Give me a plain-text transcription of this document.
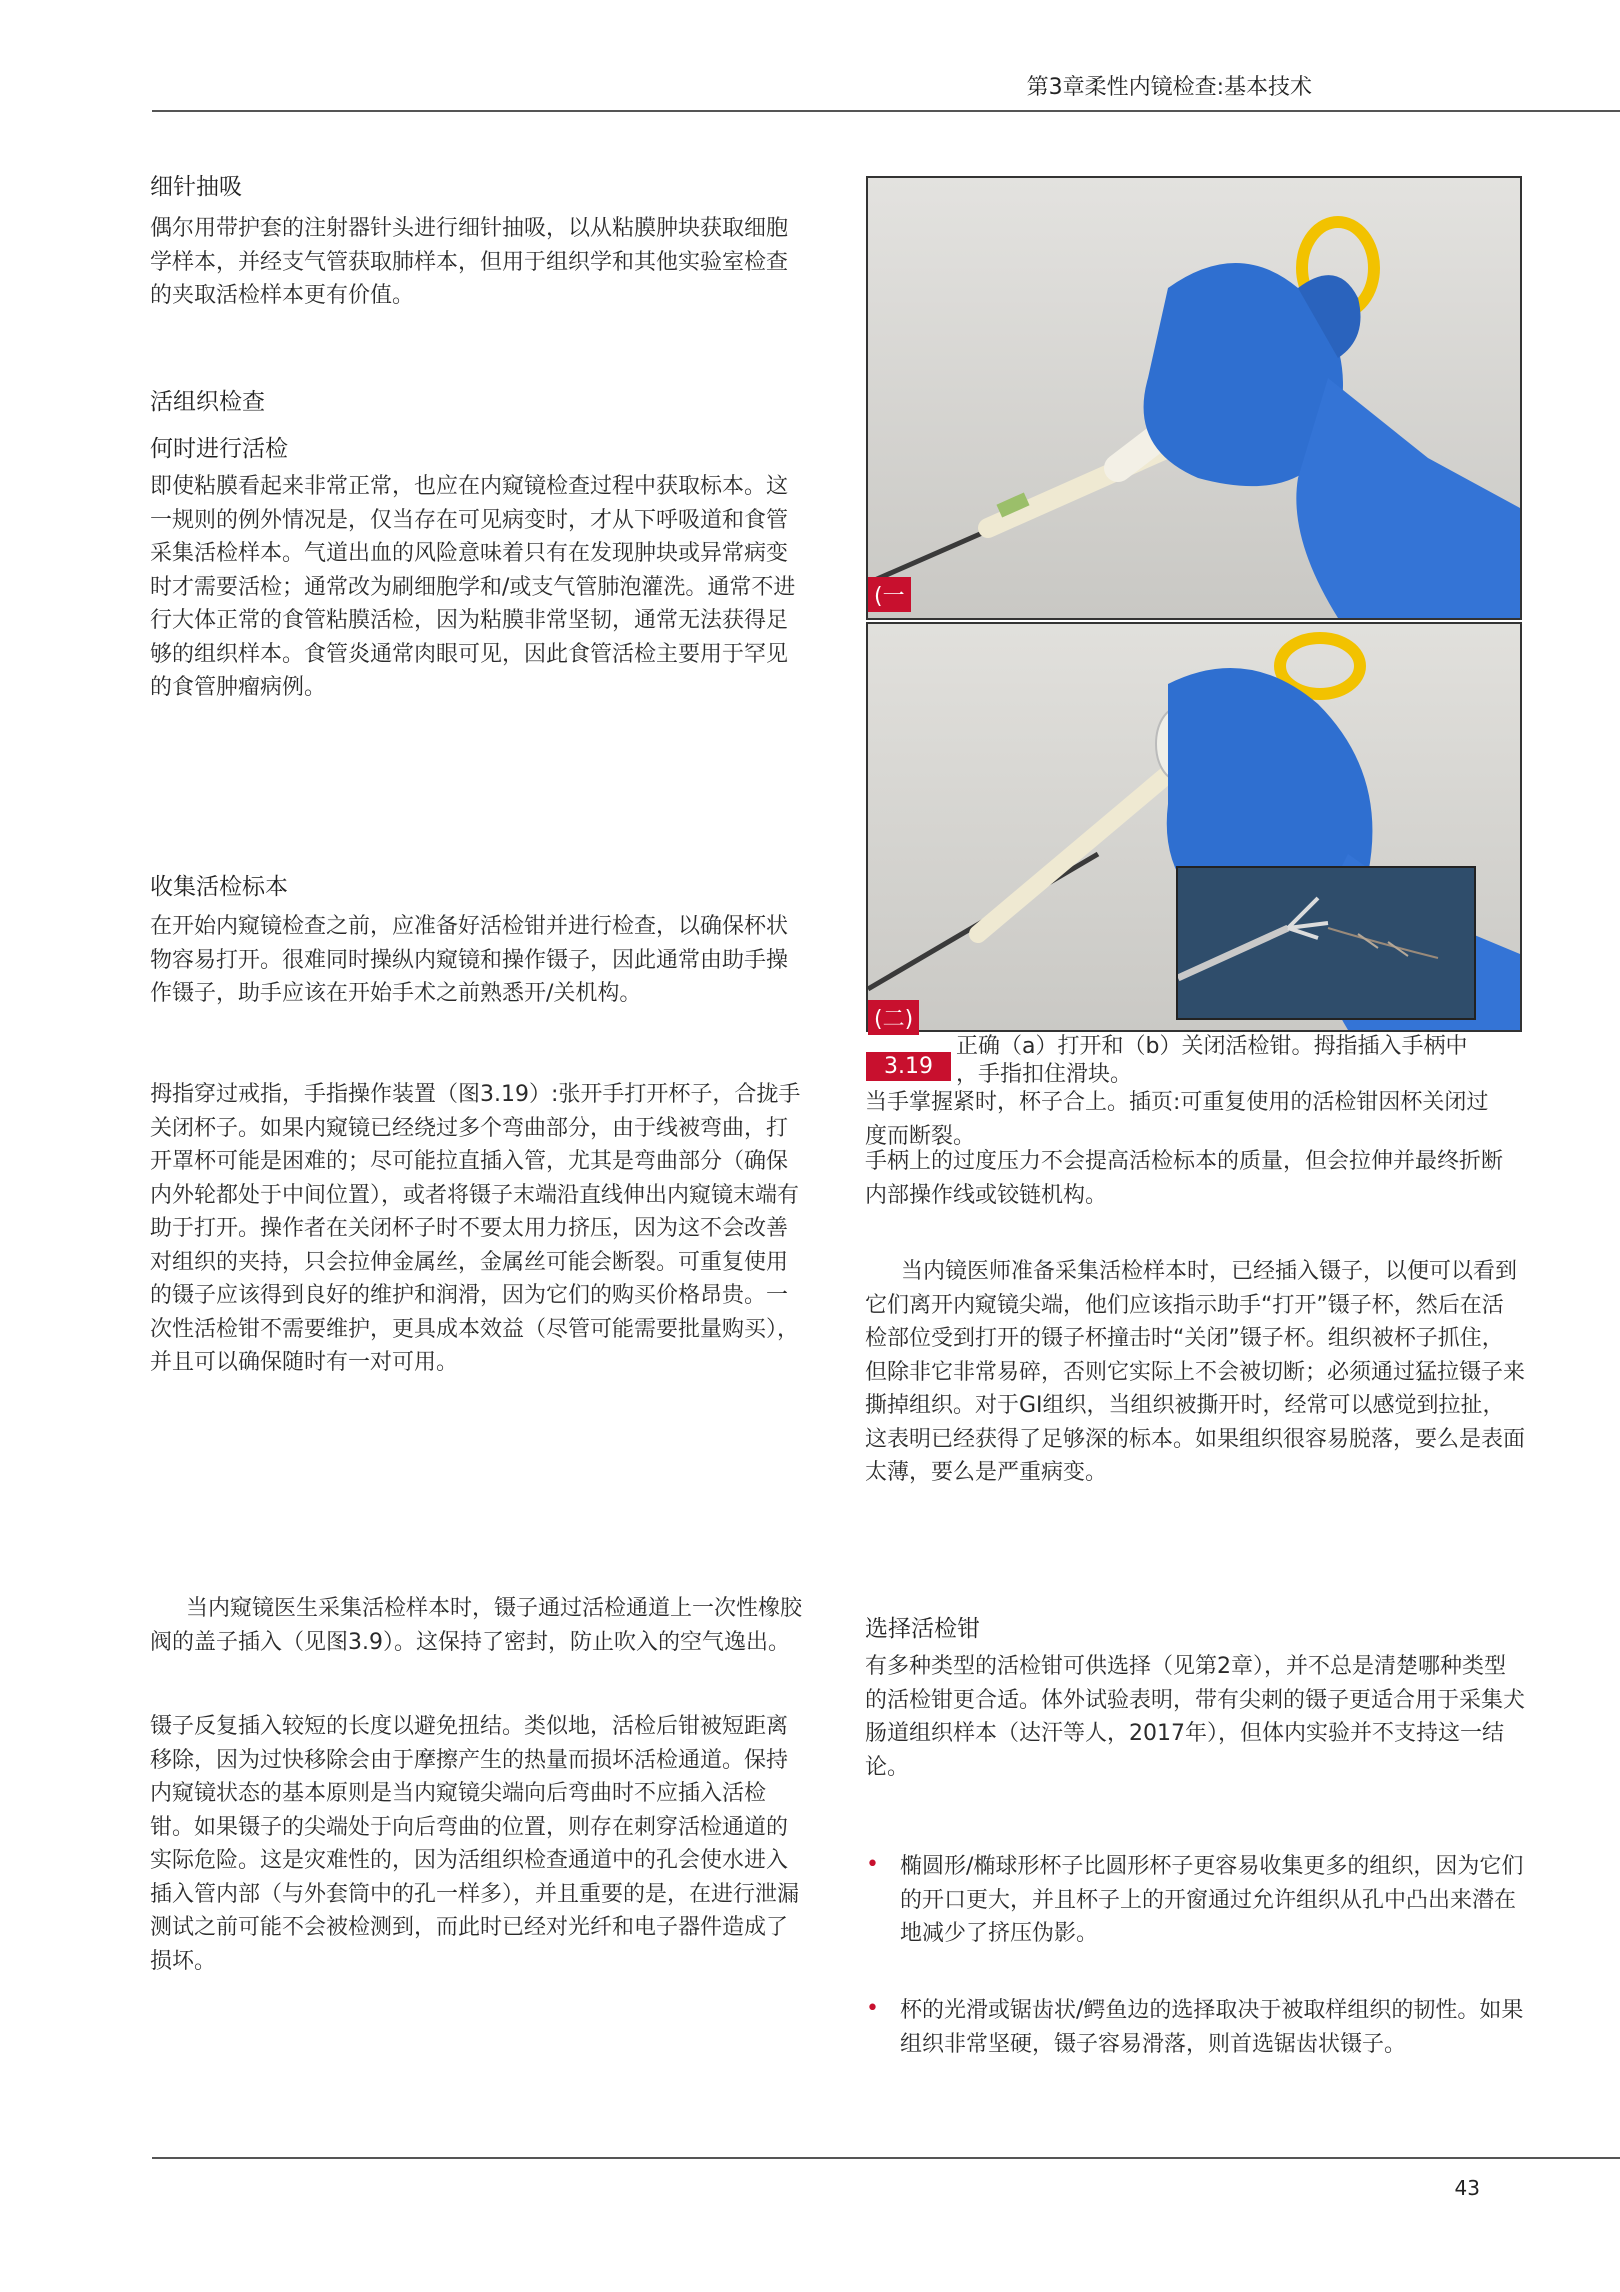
第3章柔性内镜检查:基本技术
细针抽吸

偶尔用带护套的注射器针头进行细针抽吸，以从粘膜肿块获取细胞学样本，并经支气管获取肺样本，但用于组织学和其他实验室检查的夹取活检样本更有价值。

活组织检查
何时进行活检

即使粘膜看起来非常正常，也应在内窥镜检查过程中获取标本。这一规则的例外情况是，仅当存在可见病变时，才从下呼吸道和食管采集活检样本。气道出血的风险意味着只有在发现肿块或异常病变时才需要活检；通常改为刷细胞学和/或支气管肺泡灌洗。通常不进行大体正常的食管粘膜活检，因为粘膜非常坚韧，通常无法获得足够的组织样本。食管炎通常肉眼可见，因此食管活检主要用于罕见的食管肿瘤病例。

收集活检标本

在开始内窥镜检查之前，应准备好活检钳并进行检查，以确保杯状物容易打开。很难同时操纵内窥镜和操作镊子，因此通常由助手操作镊子，助手应该在开始手术之前熟悉开/关机构。

拇指穿过戒指，手指操作装置（图3.19）:张开手打开杯子，合拢手关闭杯子。如果内窥镜已经绕过多个弯曲部分，由于线被弯曲，打开罩杯可能是困难的；尽可能拉直插入管，尤其是弯曲部分（确保内外轮都处于中间位置），或者将镊子末端沿直线伸出内窥镜末端有助于打开。操作者在关闭杯子时不要太用力挤压，因为这不会改善对组织的夹持，只会拉伸金属丝，金属丝可能会断裂。可重复使用的镊子应该得到良好的维护和润滑，因为它们的购买价格昂贵。一次性活检钳不需要维护，更具成本效益（尽管可能需要批量购买），并且可以确保随时有一对可用。

当内窥镜医生采集活检样本时，镊子通过活检通道上一次性橡胶阀的盖子插入（见图3.9）。这保持了密封，防止吹入的空气逸出。

镊子反复插入较短的长度以避免扭结。类似地，活检后钳被短距离移除，因为过快移除会由于摩擦产生的热量而损坏活检通道。保持内窥镜状态的基本原则是当内窥镜尖端向后弯曲时不应插入活检钳。如果镊子的尖端处于向后弯曲的位置，则存在刺穿活检通道的实际危险。这是灾难性的，因为活组织检查通道中的孔会使水进入插入管内部（与外套筒中的孔一样多），并且重要的是，在进行泄漏测试之前可能不会被检测到，而此时已经对光纤和电子器件造成了损坏。

(一
(二)
3.19
正确（a）打开和（b）关闭活检钳。拇指插入手柄中
，手指扣住滑块。

当手掌握紧时，杯子合上。插页:可重复使用的活检钳因杯关闭过度而断裂。

手柄上的过度压力不会提高活检标本的质量，但会拉伸并最终折断内部操作线或铰链机构。

当内镜医师准备采集活检样本时，已经插入镊子，以便可以看到它们离开内窥镜尖端，他们应该指示助手“打开”镊子杯，然后在活检部位受到打开的镊子杯撞击时“关闭”镊子杯。组织被杯子抓住，但除非它非常易碎，否则它实际上不会被切断；必须通过猛拉镊子来撕掉组织。对于GI组织，当组织被撕开时，经常可以感觉到拉扯，这表明已经获得了足够深的标本。如果组织很容易脱落，要么是表面太薄，要么是严重病变。

选择活检钳

有多种类型的活检钳可供选择（见第2章），并不总是清楚哪种类型的活检钳更合适。体外试验表明，带有尖刺的镊子更适合用于采集犬肠道组织样本（达汗等人，2017年），但体内实验并不支持这一结论。

• 椭圆形/椭球形杯子比圆形杯子更容易收集更多的组织，因为它们的开口更大，并且杯子上的开窗通过允许组织从孔中凸出来潜在地减少了挤压伪影。

• 杯的光滑或锯齿状/鳄鱼边的选择取决于被取样组织的韧性。如果组织非常坚硬，镊子容易滑落，则首选锯齿状镊子。

43
